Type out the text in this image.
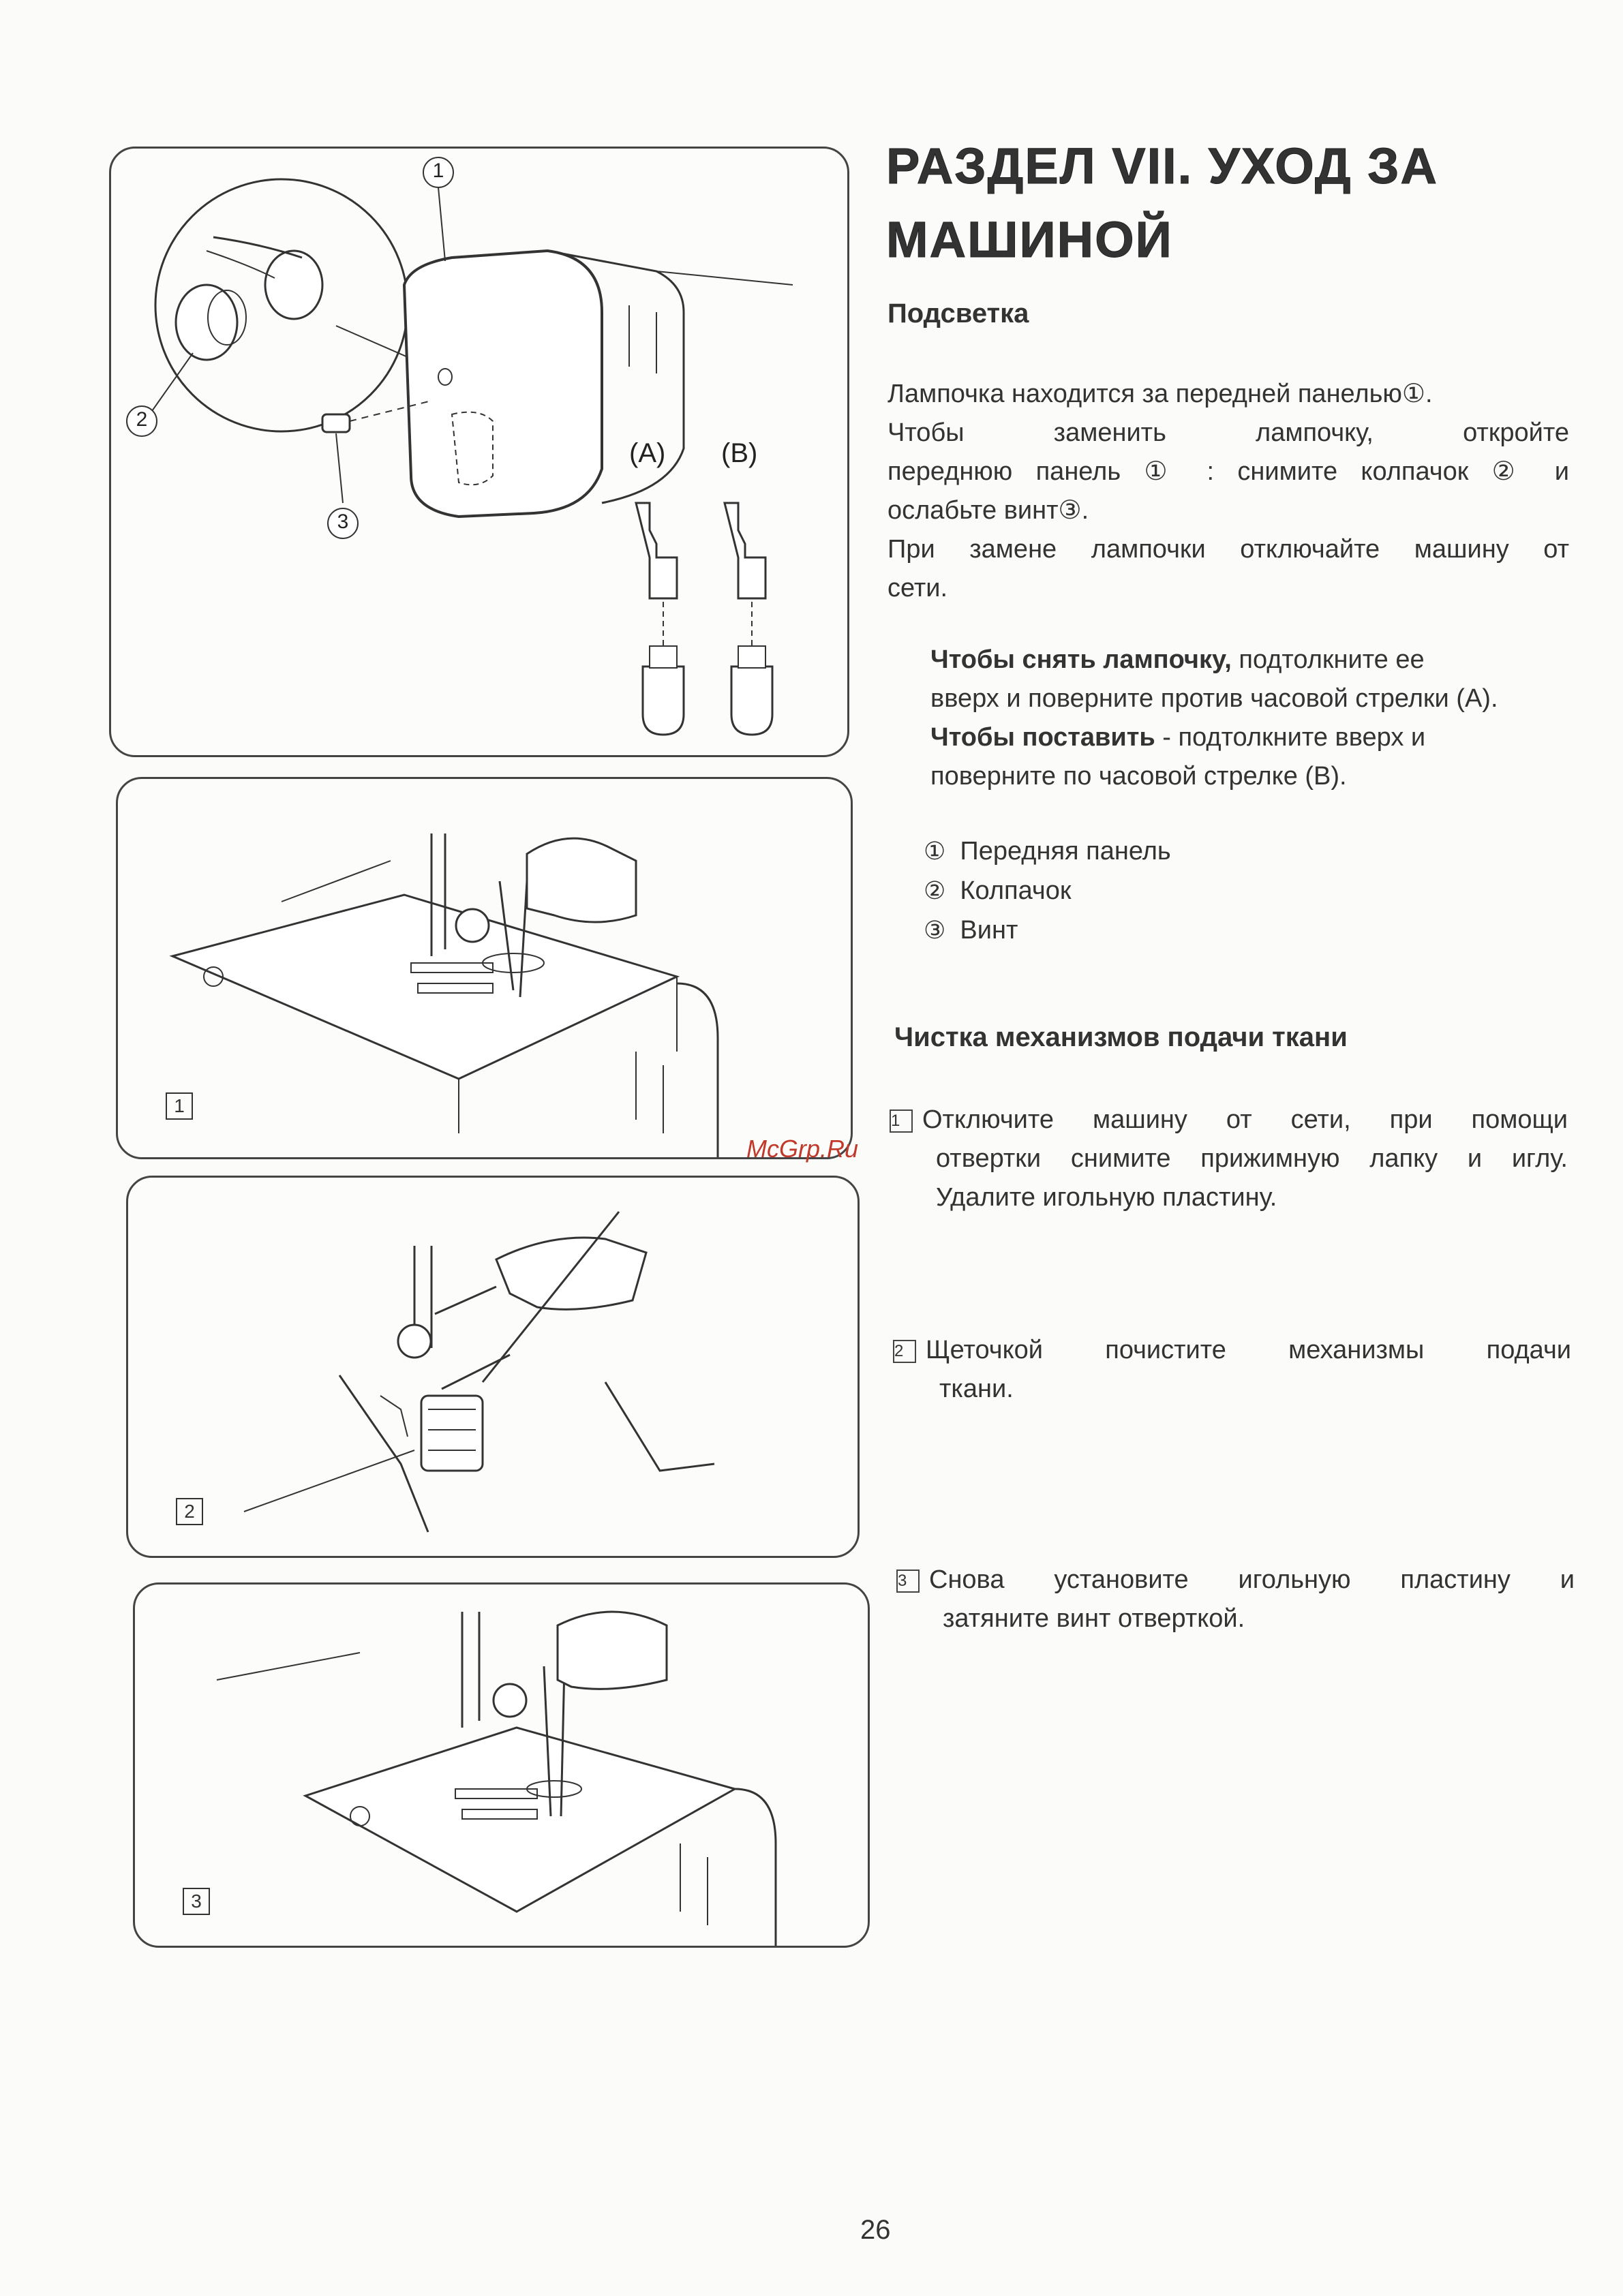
1
2
3
(A) (B)
1
2
3
РАЗДЕЛ VII. УХОД ЗА
МАШИНОЙ
Подсветка
Лампочка находится за передней панелью①.
Чтобы заменить лампочку, откройте
переднюю панель ① : снимите колпачок ② и
ослабьте винт③.
При замене лампочки отключайте машину от
сети.
Чтобы снять лампочку, подтолкните ее
вверх и поверните против часовой стрелки (А).
Чтобы поставить - подтолкните вверх и
поверните по часовой стрелке (В).
① Передняя панель
② Колпачок
③ Винт
Чистка механизмов подачи ткани
McGrp.Ru
1 Отключите машину от сети, при помощи
отвертки снимите прижимную лапку и иглу.
Удалите игольную пластину.
2 Щеточкой почистите механизмы подачи
ткани.
3 Снова установите игольную пластину и
затяните винт отверткой.
26
